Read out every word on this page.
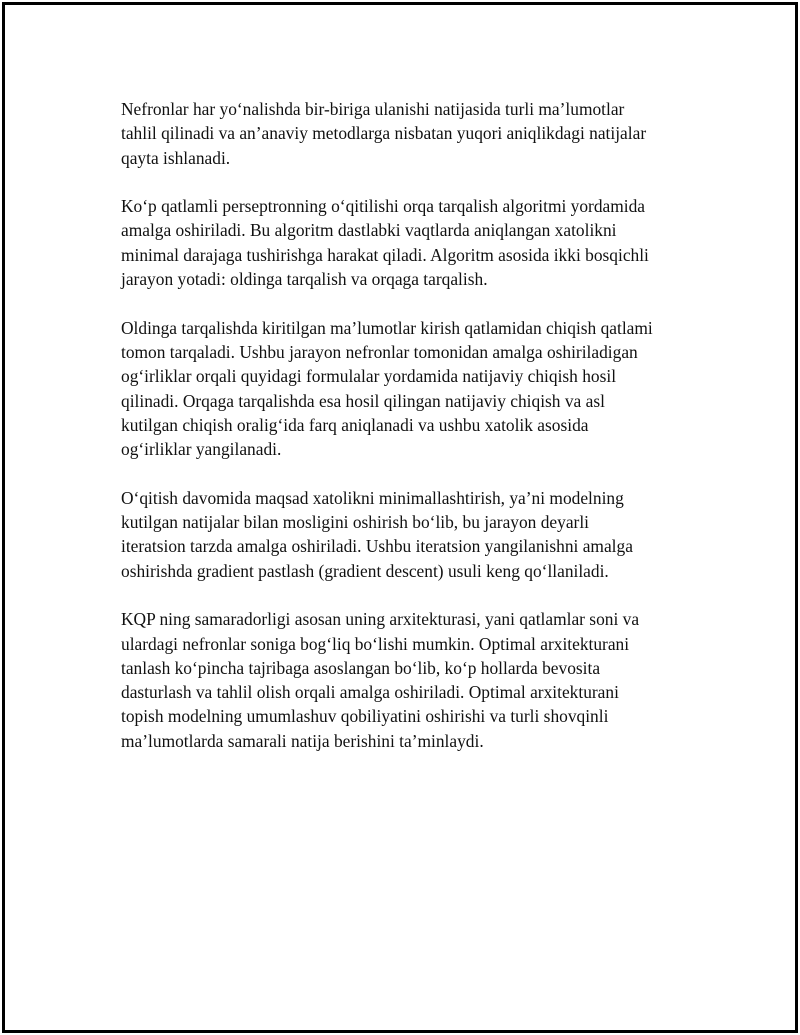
Nefronlar har yo‘nalishda bir-biriga ulanishi natijasida turli ma’lumotlar
tahlil qilinadi va an’anaviy metodlarga nisbatan yuqori aniqlikdagi natijalar
qayta ishlanadi.

Ko‘p qatlamli perseptronning o‘qitilishi orqa tarqalish algoritmi yordamida
amalga oshiriladi. Bu algoritm dastlabki vaqtlarda aniqlangan xatolikni
minimal darajaga tushirishga harakat qiladi. Algoritm asosida ikki bosqichli
jarayon yotadi: oldinga tarqalish va orqaga tarqalish.

Oldinga tarqalishda kiritilgan ma’lumotlar kirish qatlamidan chiqish qatlami
tomon tarqaladi. Ushbu jarayon nefronlar tomonidan amalga oshiriladigan
og‘irliklar orqali quyidagi formulalar yordamida natijaviy chiqish hosil
qilinadi. Orqaga tarqalishda esa hosil qilingan natijaviy chiqish va asl
kutilgan chiqish oralig‘ida farq aniqlanadi va ushbu xatolik asosida
og‘irliklar yangilanadi.

O‘qitish davomida maqsad xatolikni minimallashtirish, ya’ni modelning
kutilgan natijalar bilan mosligini oshirish bo‘lib, bu jarayon deyarli
iteratsion tarzda amalga oshiriladi. Ushbu iteratsion yangilanishni amalga
oshirishda gradient pastlash (gradient descent) usuli keng qo‘llaniladi.

KQP ning samaradorligi asosan uning arxitekturasi, yani qatlamlar soni va
ulardagi nefronlar soniga bog‘liq bo‘lishi mumkin. Optimal arxitekturani
tanlash ko‘pincha tajribaga asoslangan bo‘lib, ko‘p hollarda bevosita
dasturlash va tahlil olish orqali amalga oshiriladi. Optimal arxitekturani
topish modelning umumlashuv qobiliyatini oshirishi va turli shovqinli
ma’lumotlarda samarali natija berishini ta’minlaydi.
